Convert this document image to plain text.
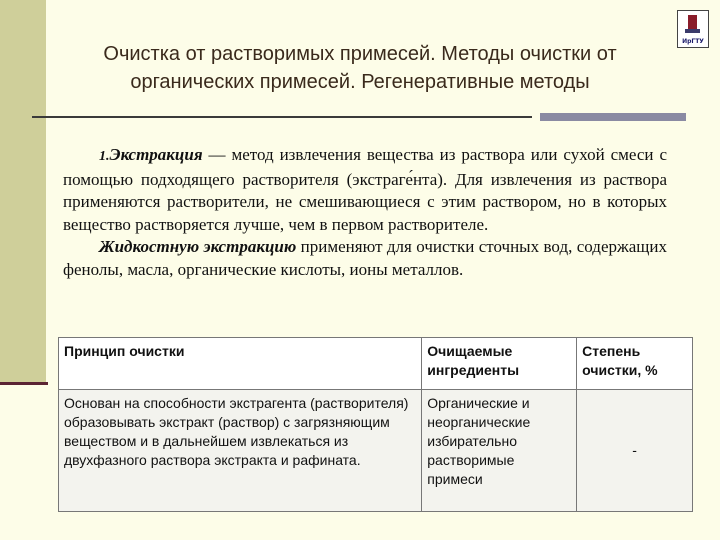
ИрГТУ
Очистка от растворимых примесей. Методы очистки от органических примесей. Регенеративные методы

1.Экстракция — метод извлечения вещества из раствора или сухой смеси с помощью подходящего растворителя (экстраге́нта). Для извлечения из раствора применяются растворители, не смешивающиеся с этим раствором, но в которых вещество растворяется лучше, чем в первом растворителе.

Жидкостную экстракцию применяют для очистки сточных вод, содержащих фенолы, масла, органические кислоты, ионы металлов.

Принцип очистки	Очищаемые ингредиенты	Степень очистки, %
Основан на способности экстрагента (растворителя) образовывать экстракт (раствор) с загрязняющим веществом и в дальнейшем извлекаться из двухфазного раствора экстракта и рафината.	Органические и неорганические избирательно растворимые примеси	-
